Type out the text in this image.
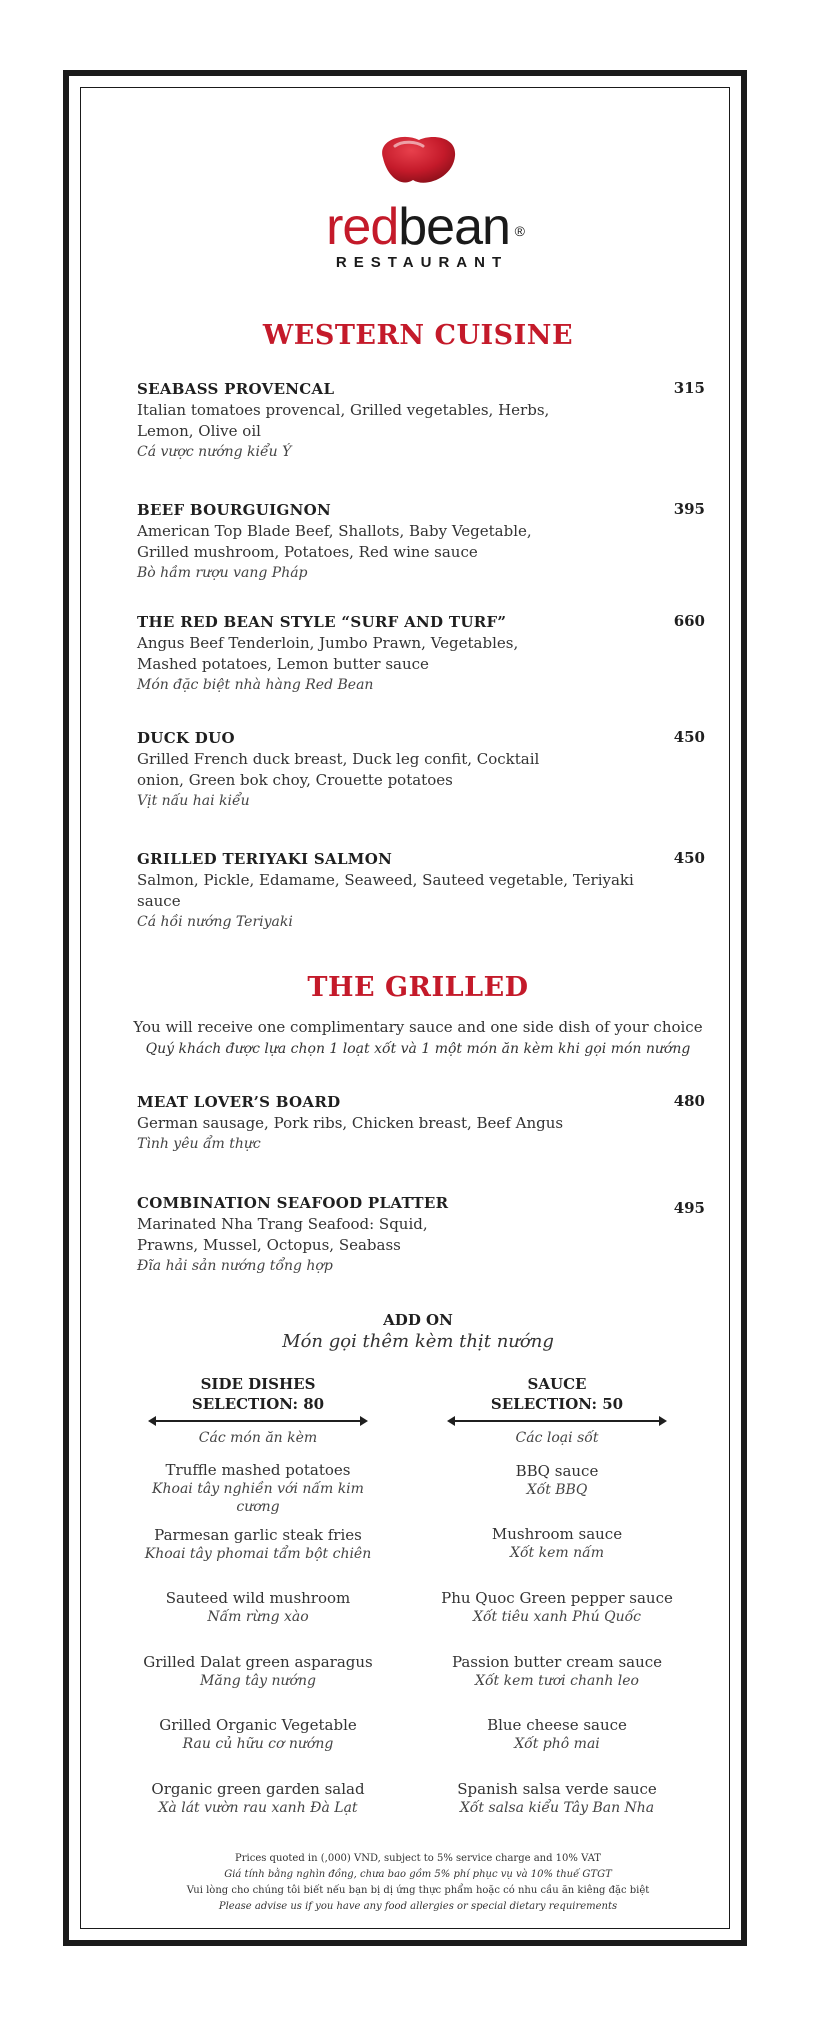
redbean ®
RESTAURANT
WESTERN CUISINE
SEABASS PROVENCAL	315
Italian tomatoes provencal, Grilled vegetables, Herbs, Lemon, Olive oil
Cá vược nướng kiểu Ý
BEEF BOURGUIGNON	395
American Top Blade Beef, Shallots, Baby Vegetable, Grilled mushroom, Potatoes, Red wine sauce
Bò hầm rượu vang Pháp
THE RED BEAN STYLE “SURF AND TURF”	660
Angus Beef Tenderloin, Jumbo Prawn, Vegetables, Mashed potatoes, Lemon butter sauce
Món đặc biệt nhà hàng Red Bean
DUCK DUO	450
Grilled French duck breast, Duck leg confit, Cocktail onion, Green bok choy, Crouette potatoes
Vịt nấu hai kiểu
GRILLED TERIYAKI SALMON	450
Salmon, Pickle, Edamame, Seaweed, Sauteed vegetable, Teriyaki sauce
Cá hồi nướng Teriyaki
THE GRILLED
You will receive one complimentary sauce and one side dish of your choice
Quý khách được lựa chọn 1 loạt xốt và 1 một món ăn kèm khi gọi món nướng
MEAT LOVER’S BOARD	480
German sausage, Pork ribs, Chicken breast, Beef Angus
Tình yêu ẩm thực
COMBINATION SEAFOOD PLATTER	495
Marinated Nha Trang Seafood: Squid, Prawns, Mussel, Octopus, Seabass
Đĩa hải sản nướng tổng hợp
ADD ON
Món gọi thêm kèm thịt nướng
SIDE DISHES
SELECTION: 80
Các món ăn kèm
SAUCE
SELECTION: 50
Các loại sốt
Truffle mashed potatoes
Khoai tây nghiền với nấm kim cương
Parmesan garlic steak fries
Khoai tây phomai tẩm bột chiên
Sauteed wild mushroom
Nấm rừng xào
Grilled Dalat green asparagus
Măng tây nướng
Grilled Organic Vegetable
Rau củ hữu cơ nướng
Organic green garden salad
Xà lát vườn rau xanh Đà Lạt
BBQ sauce
Xốt BBQ
Mushroom sauce
Xốt kem nấm
Phu Quoc Green pepper sauce
Xốt tiêu xanh Phú Quốc
Passion butter cream sauce
Xốt kem tươi chanh leo
Blue cheese sauce
Xốt phô mai
Spanish salsa verde sauce
Xốt salsa kiểu Tây Ban Nha
Prices quoted in (,000) VND, subject to 5% service charge and 10% VAT
Giá tính bằng nghìn đồng, chưa bao gồm 5% phí phục vụ và 10% thuế GTGT
Vui lòng cho chúng tôi biết nếu bạn bị dị ứng thực phẩm hoặc có nhu cầu ăn kiêng đặc biệt
Please advise us if you have any food allergies or special dietary requirements
